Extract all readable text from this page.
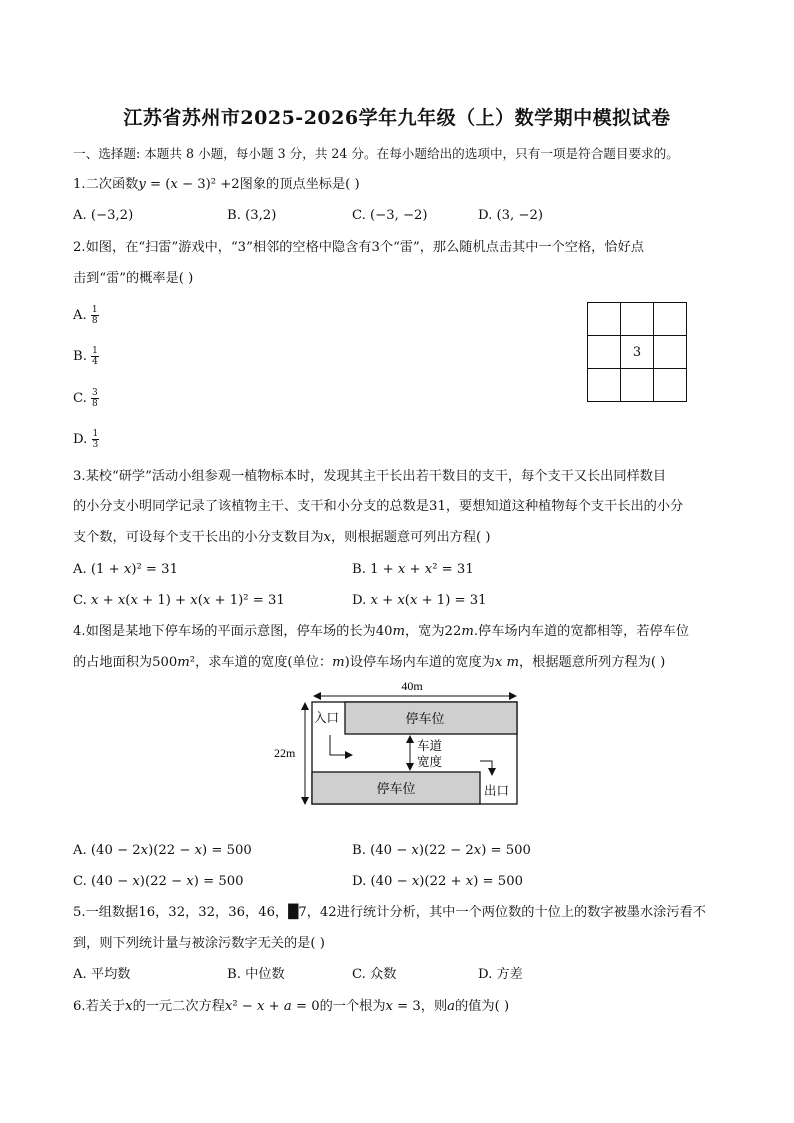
江苏省苏州市2025-2026学年九年级（上）数学期中模拟试卷
一、选择题: 本题共 8 小题，每小题 3 分，共 24 分。在每小题给出的选项中，只有一项是符合题目要求的。
1.二次函数𝑦 = (𝑥 − 3)² +2图象的顶点坐标是( )
A. (−3,2)	B. (3,2)	C. (−3, −2)	D. (3, −2)
2.如图，在“扫雷”游戏中，“3”相邻的空格中隐含有3个“雷”，那么随机点击其中一个空格，恰好点
击到“雷”的概率是( )
A. $\frac{1}{8}$
B. $\frac{1}{4}$
C. $\frac{3}{8}$
D. $\frac{1}{3}$

	3	

3.某校“研学”活动小组参观一植物标本时，发现其主干长出若干数目的支干，每个支干又长出同样数目
的小分支小明同学记录了该植物主干、支干和小分支的总数是31，要想知道这种植物每个支干长出的小分
支个数，可设每个支干长出的小分支数目为𝑥，则根据题意可列出方程( )
A. (1 + 𝑥)² = 31	B. 1 + 𝑥 + 𝑥² = 31
C. 𝑥 + 𝑥(𝑥 + 1) + 𝑥(𝑥 + 1)² = 31	D. 𝑥 + 𝑥(𝑥 + 1) = 31
4.如图是某地下停车场的平面示意图，停车场的长为40𝑚，宽为22𝑚.停车场内车道的宽都相等，若停车位
的占地面积为500𝑚²，求车道的宽度(单位：𝑚)设停车场内车道的宽度为𝑥 𝑚，根据题意所列方程为( )
40m
22m
停车位
停车位
入口
出口
车道
宽度
A. (40 − 2𝑥)(22 − 𝑥) = 500	B. (40 − 𝑥)(22 − 2𝑥) = 500
C. (40 − 𝑥)(22 − 𝑥) = 500	D. (40 − 𝑥)(22 + 𝑥) = 500
5.一组数据16，32，32，36，46，█7，42进行统计分析，其中一个两位数的十位上的数字被墨水涂污看不
到，则下列统计量与被涂污数字无关的是( )
A. 平均数	B. 中位数	C. 众数	D. 方差
6.若关于𝑥的一元二次方程𝑥² − 𝑥 + 𝑎 = 0的一个根为𝑥 = 3，则𝑎的值为( )
